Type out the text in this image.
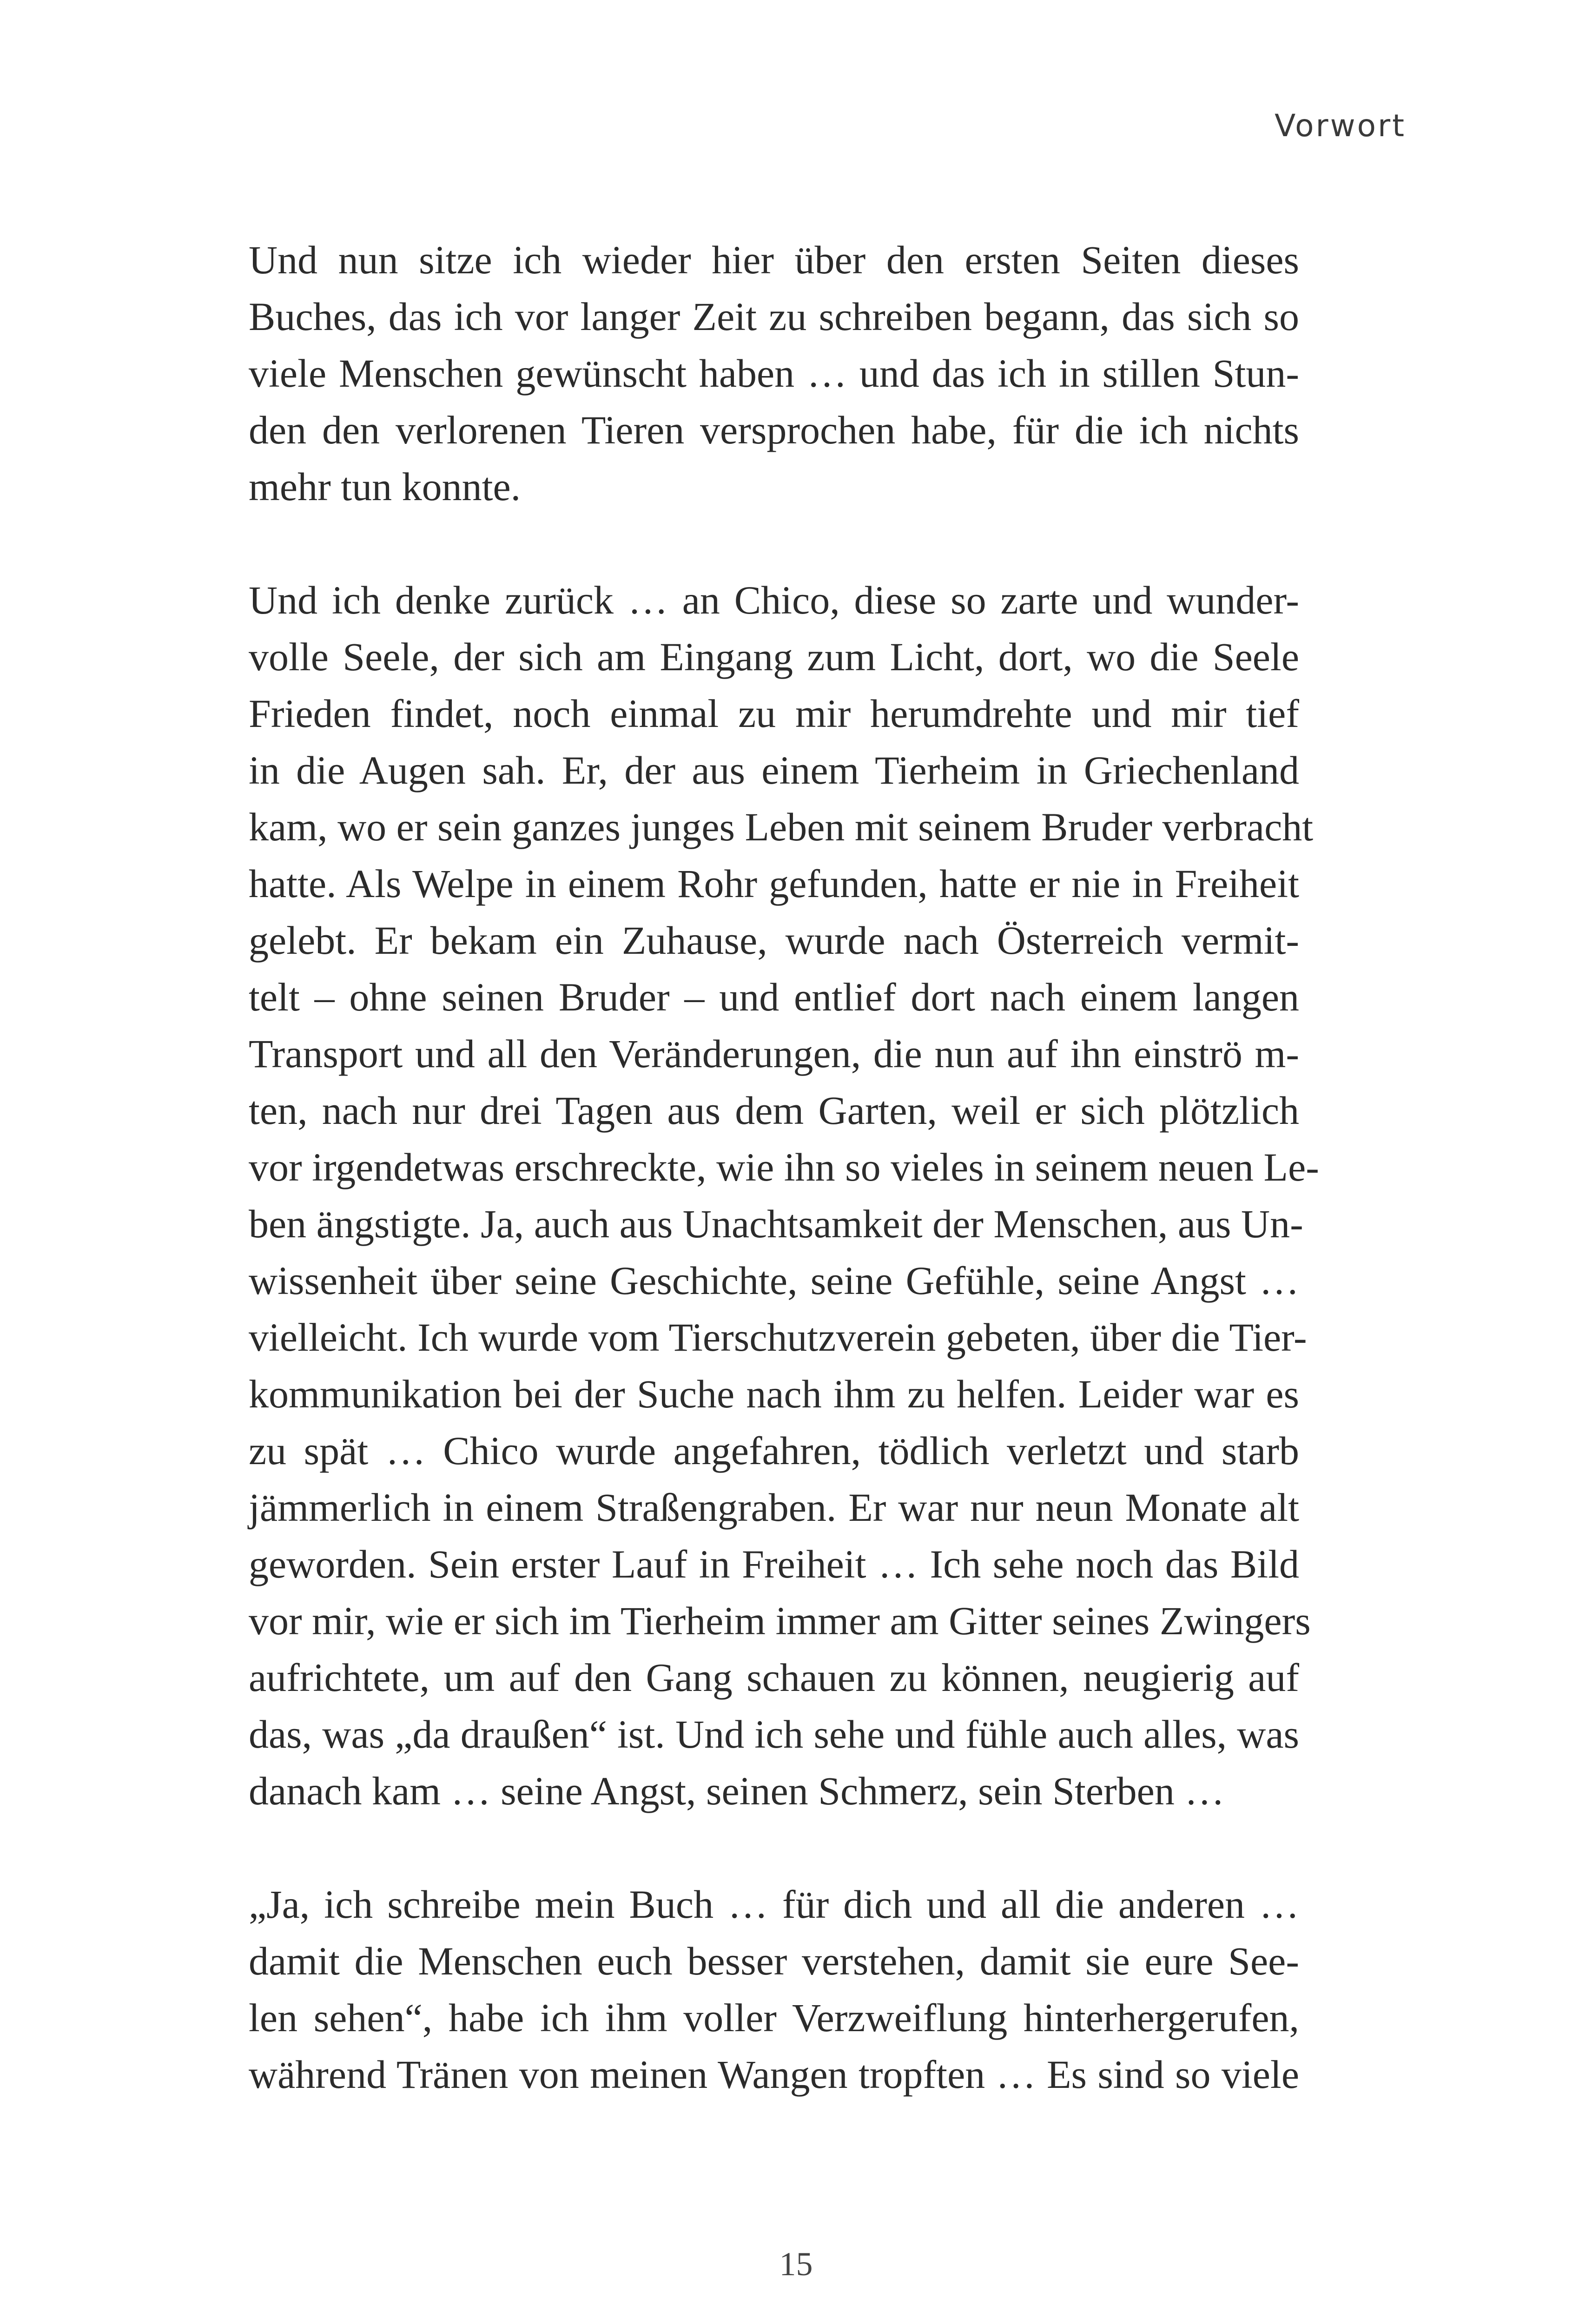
Vorwort
Und nun sitze ich wieder hier über den ersten Seiten dieses
Buches, das ich vor langer Zeit zu schreiben begann, das sich so
viele Menschen gewünscht haben … und das ich in stillen Stun-
den den verlorenen Tieren versprochen habe, für die ich nichts
mehr tun konnte.
Und ich denke zurück … an Chico, diese so zarte und wunder-
volle Seele, der sich am Eingang zum Licht, dort, wo die Seele
Frieden findet, noch einmal zu mir herumdrehte und mir tief
in die Augen sah. Er, der aus einem Tierheim in Griechenland
kam, wo er sein ganzes junges Leben mit seinem Bruder verbracht
hatte. Als Welpe in einem Rohr gefunden, hatte er nie in Freiheit
gelebt. Er bekam ein Zuhause, wurde nach Österreich vermit-
telt – ohne seinen Bruder – und entlief dort nach einem langen
Transport und all den Veränderungen, die nun auf ihn einströ m-
ten, nach nur drei Tagen aus dem Garten, weil er sich plötzlich
vor irgendetwas erschreckte, wie ihn so vieles in seinem neuen Le-
ben ängstigte. Ja, auch aus Unachtsamkeit der Menschen, aus Un-
wissenheit über seine Geschichte, seine Gefühle, seine Angst …
vielleicht. Ich wurde vom Tierschutzverein gebeten, über die Tier-
kommunikation bei der Suche nach ihm zu helfen. Leider war es
zu spät … Chico wurde angefahren, tödlich verletzt und starb
jämmerlich in einem Straßengraben. Er war nur neun Monate alt
geworden. Sein erster Lauf in Freiheit … Ich sehe noch das Bild
vor mir, wie er sich im Tierheim immer am Gitter seines Zwingers
aufrichtete, um auf den Gang schauen zu können, neugierig auf
das, was „da draußen“ ist. Und ich sehe und fühle auch alles, was
danach kam … seine Angst, seinen Schmerz, sein Sterben …
„Ja, ich schreibe mein Buch … für dich und all die anderen …
damit die Menschen euch besser verstehen, damit sie eure See-
len sehen“, habe ich ihm voller Verzweiflung hinterhergerufen,
während Tränen von meinen Wangen tropften … Es sind so viele
15
